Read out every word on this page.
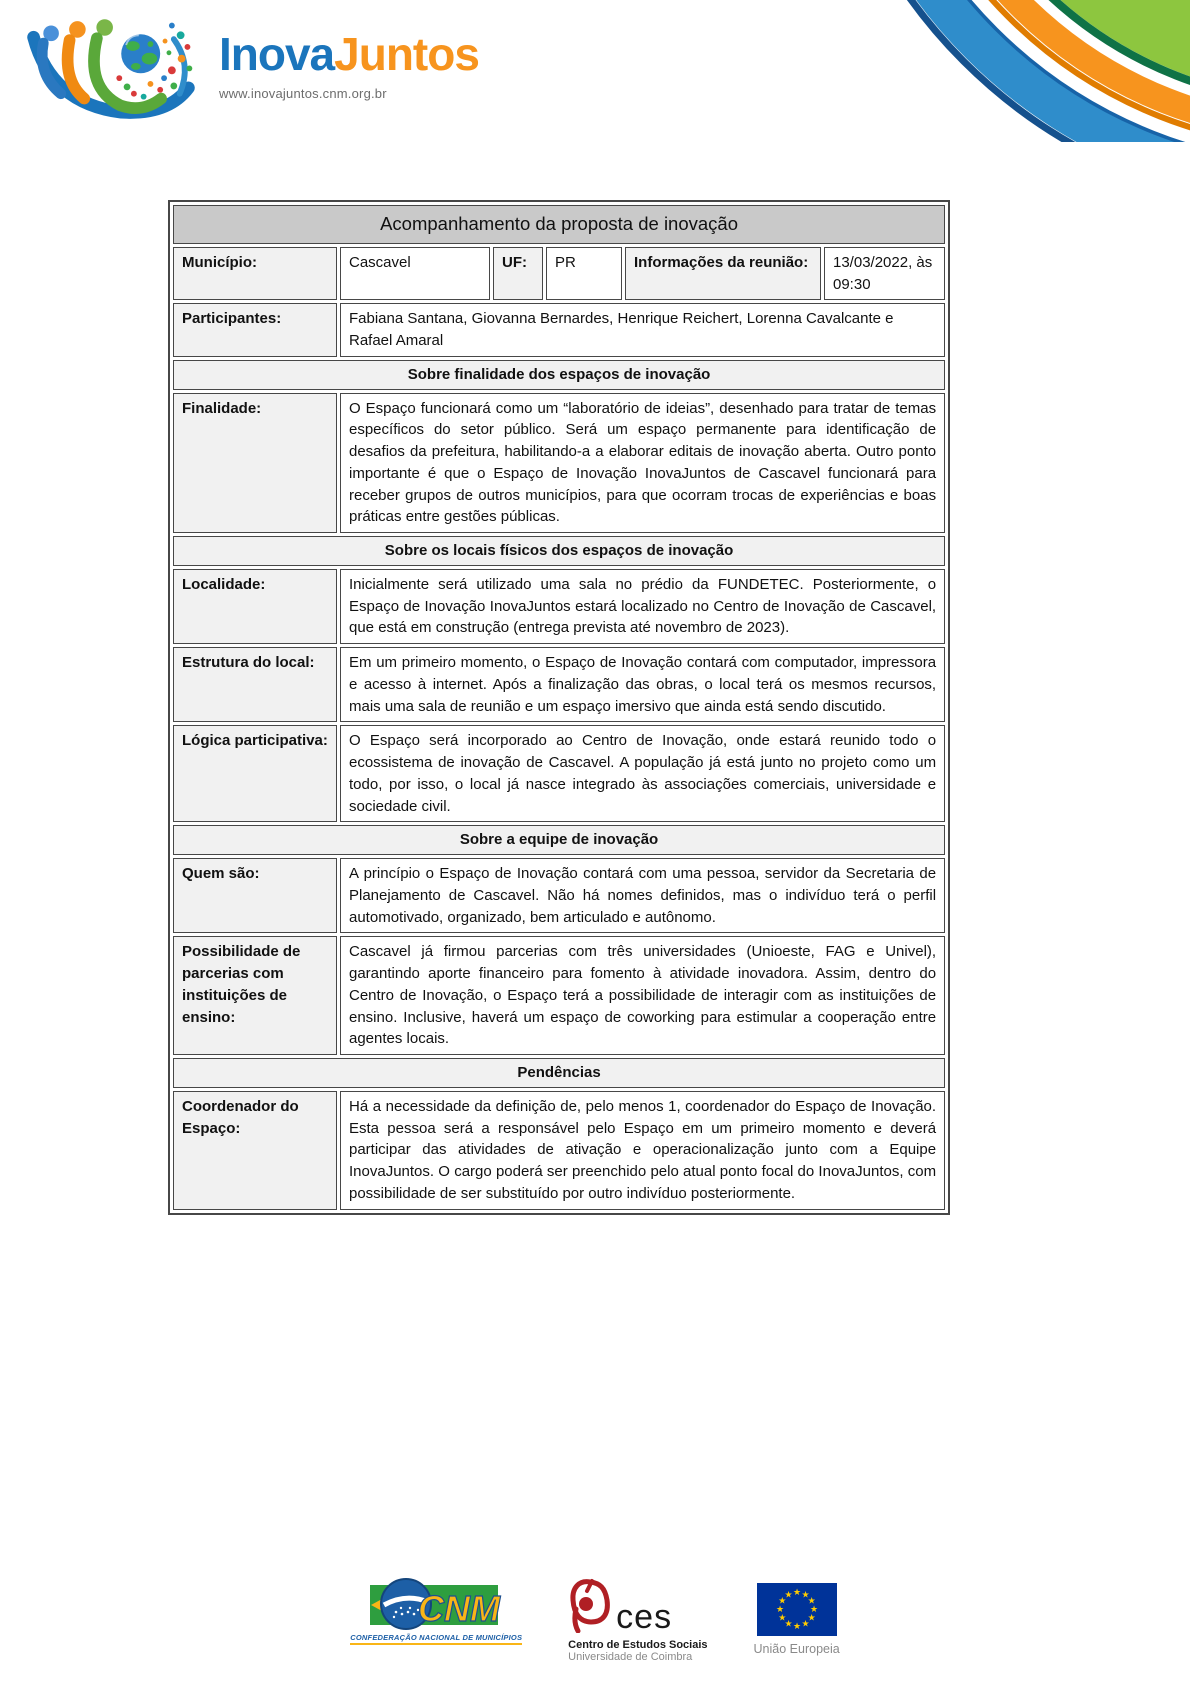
InovaJuntos
www.inovajuntos.cnm.org.br
Acompanhamento da proposta de inovação					
Município:	Cascavel	UF:	PR	Informações da reunião:	13/03/2022, às 09:30
Participantes:	Fabiana Santana, Giovanna Bernardes, Henrique Reichert, Lorenna Cavalcante e Rafael Amaral				
Sobre finalidade dos espaços de inovação					
Finalidade:	O Espaço funcionará como um “laboratório de ideias”, desenhado para tratar de temas específicos do setor público. Será um espaço permanente para identificação de desafios da prefeitura, habilitando-a a elaborar editais de inovação aberta. Outro ponto importante é que o Espaço de Inovação InovaJuntos de Cascavel funcionará para receber grupos de outros municípios, para que ocorram trocas de experiências e boas práticas entre gestões públicas.				
Sobre os locais físicos dos espaços de inovação					
Localidade:	Inicialmente será utilizado uma sala no prédio da FUNDETEC. Posteriormente, o Espaço de Inovação InovaJuntos estará localizado no Centro de Inovação de Cascavel, que está em construção (entrega prevista até novembro de 2023).				
Estrutura do local:	Em um primeiro momento, o Espaço de Inovação contará com computador, impressora e acesso à internet. Após a finalização das obras, o local terá os mesmos recursos, mais uma sala de reunião e um espaço imersivo que ainda está sendo discutido.				
Lógica participativa:	O Espaço será incorporado ao Centro de Inovação, onde estará reunido todo o ecossistema de inovação de Cascavel. A população já está junto no projeto como um todo, por isso, o local já nasce integrado às associações comerciais, universidade e sociedade civil.				
Sobre a equipe de inovação					
Quem são:	A princípio o Espaço de Inovação contará com uma pessoa, servidor da Secretaria de Planejamento de Cascavel. Não há nomes definidos, mas o indivíduo terá o perfil automotivado, organizado, bem articulado e autônomo.				
Possibilidade de parcerias com instituições de ensino:	Cascavel já firmou parcerias com três universidades (Unioeste, FAG e Univel), garantindo aporte financeiro para fomento à atividade inovadora. Assim, dentro do Centro de Inovação, o Espaço terá a possibilidade de interagir com as instituições de ensino. Inclusive, haverá um espaço de coworking para estimular a cooperação entre agentes locais.				
Pendências					
Coordenador do Espaço:	Há a necessidade da definição de, pelo menos 1, coordenador do Espaço de Inovação. Esta pessoa será a responsável pelo Espaço em um primeiro momento e deverá participar das atividades de ativação e operacionalização junto com a Equipe InovaJuntos. O cargo poderá ser preenchido pelo atual ponto focal do InovaJuntos, com possibilidade de ser substituído por outro indivíduo posteriormente.				
CNM
CONFEDERAÇÃO NACIONAL DE MUNICÍPIOS
ces
Centro de Estudos Sociais
Universidade de Coimbra
★ ★
★
★
★
★
★
★
★
★
★
★
União Europeia
